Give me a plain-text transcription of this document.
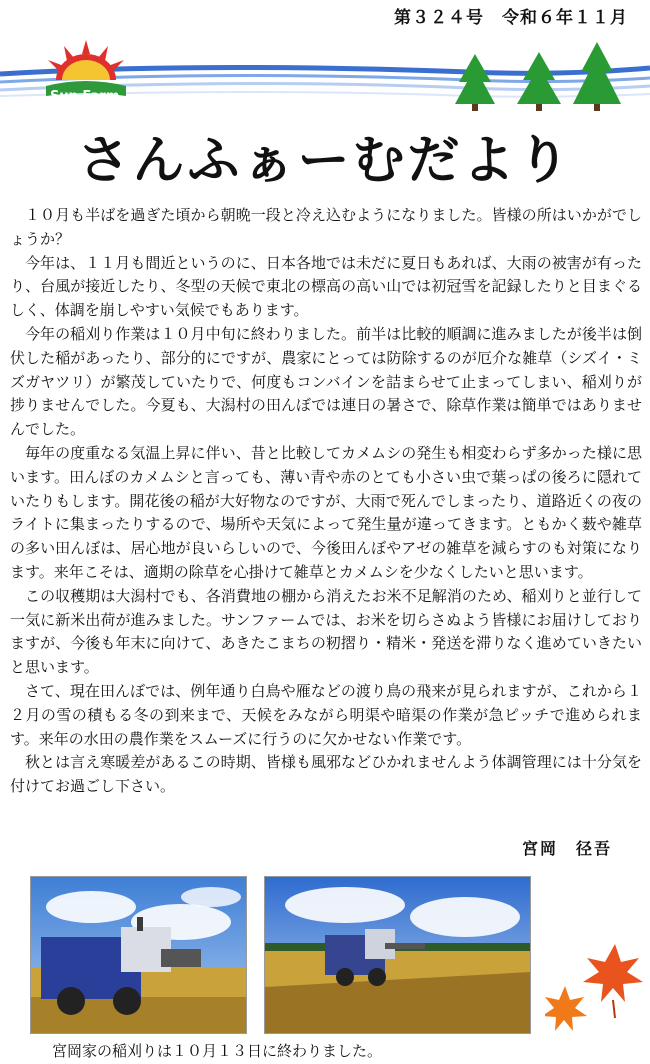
第３２４号　令和６年１１月
Sun Farm
さんふぁーむだより

１０月も半ばを過ぎた頃から朝晩一段と冷え込むようになりました。皆様の所はいかがでしょうか？

今年は、１１月も間近というのに、日本各地では未だに夏日もあれば、大雨の被害が有ったり、台風が接近したり、冬型の天候で東北の標高の高い山では初冠雪を記録したりと目まぐるしく、体調を崩しやすい気候でもあります。

今年の稲刈り作業は１０月中旬に終わりました。前半は比較的順調に進みましたが後半は倒伏した稲があったり、部分的にですが、農家にとっては防除するのが厄介な雑草（シズイ・ミズガヤツリ）が繁茂していたりで、何度もコンバインを詰まらせて止まってしまい、稲刈りが捗りませんでした。今夏も、大潟村の田んぼでは連日の暑さで、除草作業は簡単ではありませんでした。

毎年の度重なる気温上昇に伴い、昔と比較してカメムシの発生も相変わらず多かった様に思います。田んぼのカメムシと言っても、薄い青や赤のとても小さい虫で葉っぱの後ろに隠れていたりもします。開花後の稲が大好物なのですが、大雨で死んでしまったり、道路近くの夜のライトに集まったりするので、場所や天気によって発生量が違ってきます。ともかく薮や雑草の多い田んぼは、居心地が良いらしいので、今後田んぼやアゼの雑草を減らすのも対策になります。来年こそは、適期の除草を心掛けて雑草とカメムシを少なくしたいと思います。

この収穫期は大潟村でも、各消費地の棚から消えたお米不足解消のため、稲刈りと並行して一気に新米出荷が進みました。サンファームでは、お米を切らさぬよう皆様にお届けしておりますが、今後も年末に向けて、あきたこまちの籾摺り・精米・発送を滞りなく進めていきたいと思います。

さて、現在田んぼでは、例年通り白鳥や雁などの渡り鳥の飛来が見られますが、これから１２月の雪の積もる冬の到来まで、天候をみながら明渠や暗渠の作業が急ピッチで進められます。来年の水田の農作業をスムーズに行うのに欠かせない作業です。

秋とは言え寒暖差があるこの時期、皆様も風邪などひかれませんよう体調管理には十分気を付けてお過ごし下さい。

宮岡　径吾
宮岡家の稲刈りは１０月１３日に終わりました。
